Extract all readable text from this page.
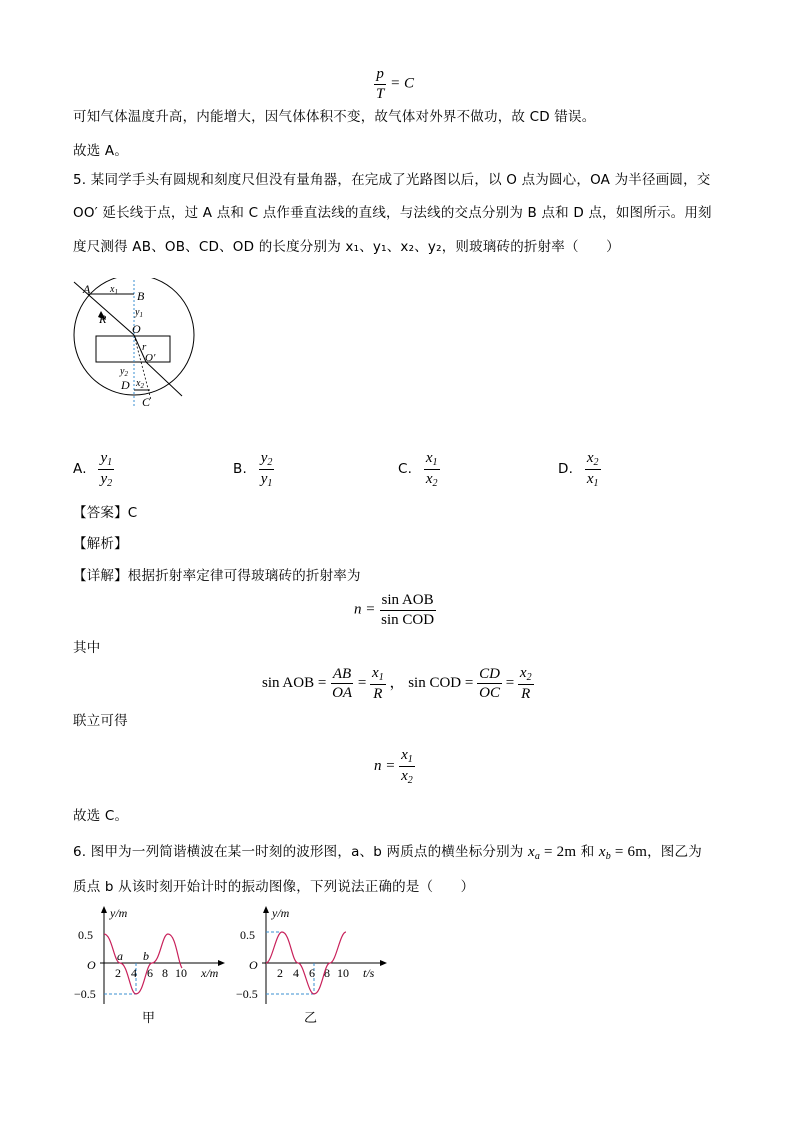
$\frac{p}{T} = C$
可知气体温度升高，内能增大，因气体体积不变，故气体对外界不做功，故 CD 错误。
故选 A。
5. 某同学手头有圆规和刻度尺但没有量角器，在完成了光路图以后，以 O 点为圆心，OA 为半径画圆，交
OO′ 延长线于点，过 A 点和 C 点作垂直法线的直线，与法线的交点分别为 B 点和 D 点，如图所示。用刻
度尺测得 AB、OB、CD、OD 的长度分别为 x₁、y₁、x₂、y₂，则玻璃砖的折射率（　　）
A	B
O
R
r
O′
D
C
$x_1$
$y_1$
$y_2$
$x_2$
A. $\frac{y_1}{y_2}$	B. $\frac{y_2}{y_1}$	C. $\frac{x_1}{x_2}$	D. $\frac{x_2}{x_1}$
【答案】C
【解析】
【详解】根据折射率定律可得玻璃砖的折射率为
$n = \frac{\text{sin AOB}}{\text{sin COD}}$
其中
sin AOB = $\frac{AB}{OA} = \frac{x_1}{R}$ ， sin COD = $\frac{CD}{OC} = \frac{x_2}{R}$
联立可得
$n = \frac{x_1}{x_2}$
故选 C。
6. 图甲为一列简谐横波在某一时刻的波形图，a、b 两质点的横坐标分别为 $x_a = 2m$ 和 $x_b = 6m$，图乙为
质点 b 从该时刻开始计时的振动图像，下列说法正确的是（　　）
y/m
x/m
O
0.5
−0.5
2 4 6 8 10
a b
甲
y/m
t/s
O
0.5
−0.5
2 4 6 8 10
乙
